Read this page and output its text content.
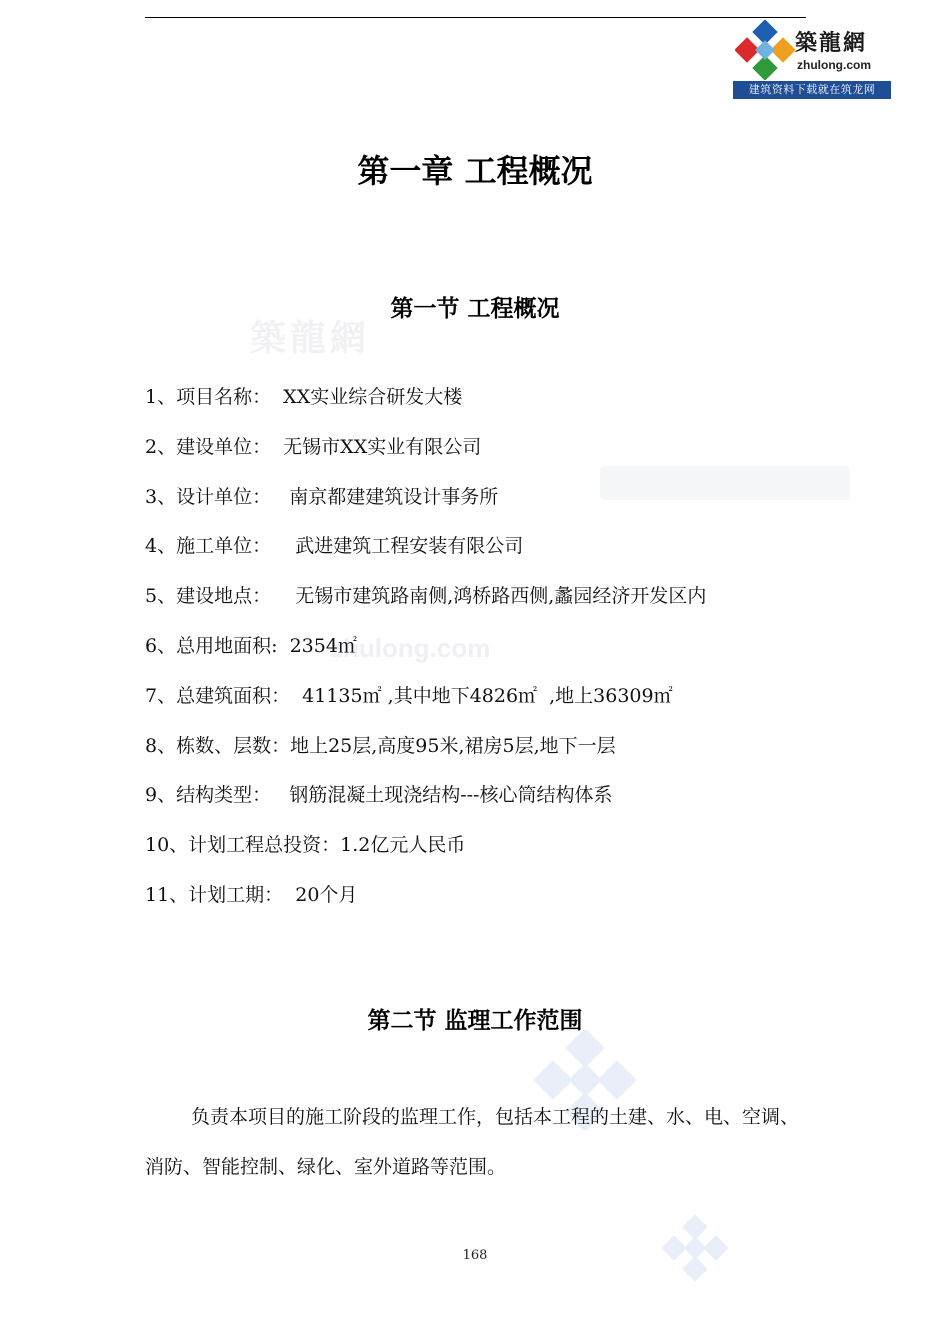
築龍網
zhulong.com
建筑资料下载就在筑龙网
築龍網
zhulong.com
第一章 工程概况
第一节 工程概况
1、项目名称：  XX实业综合研发大楼
2、建设单位：  无锡市XX实业有限公司
3、设计单位：   南京都建建筑设计事务所
4、施工单位：    武进建筑工程安装有限公司
5、建设地点：    无锡市建筑路南侧,鸿桥路西侧,蠡园经济开发区内
6、总用地面积:  2354㎡
7、总建筑面积：  41135㎡ ,其中地下4826㎡  ,地上36309㎡
8、栋数、层数：地上25层,高度95米,裙房5层,地下一层
9、结构类型：   钢筋混凝土现浇结构---核心筒结构体系
10、计划工程总投资：1.2亿元人民币
11、计划工期：  20个月
第二节 监理工作范围

负责本项目的施工阶段的监理工作，包括本工程的土建、水、电、空调、消防、智能控制、绿化、室外道路等范围。

168
